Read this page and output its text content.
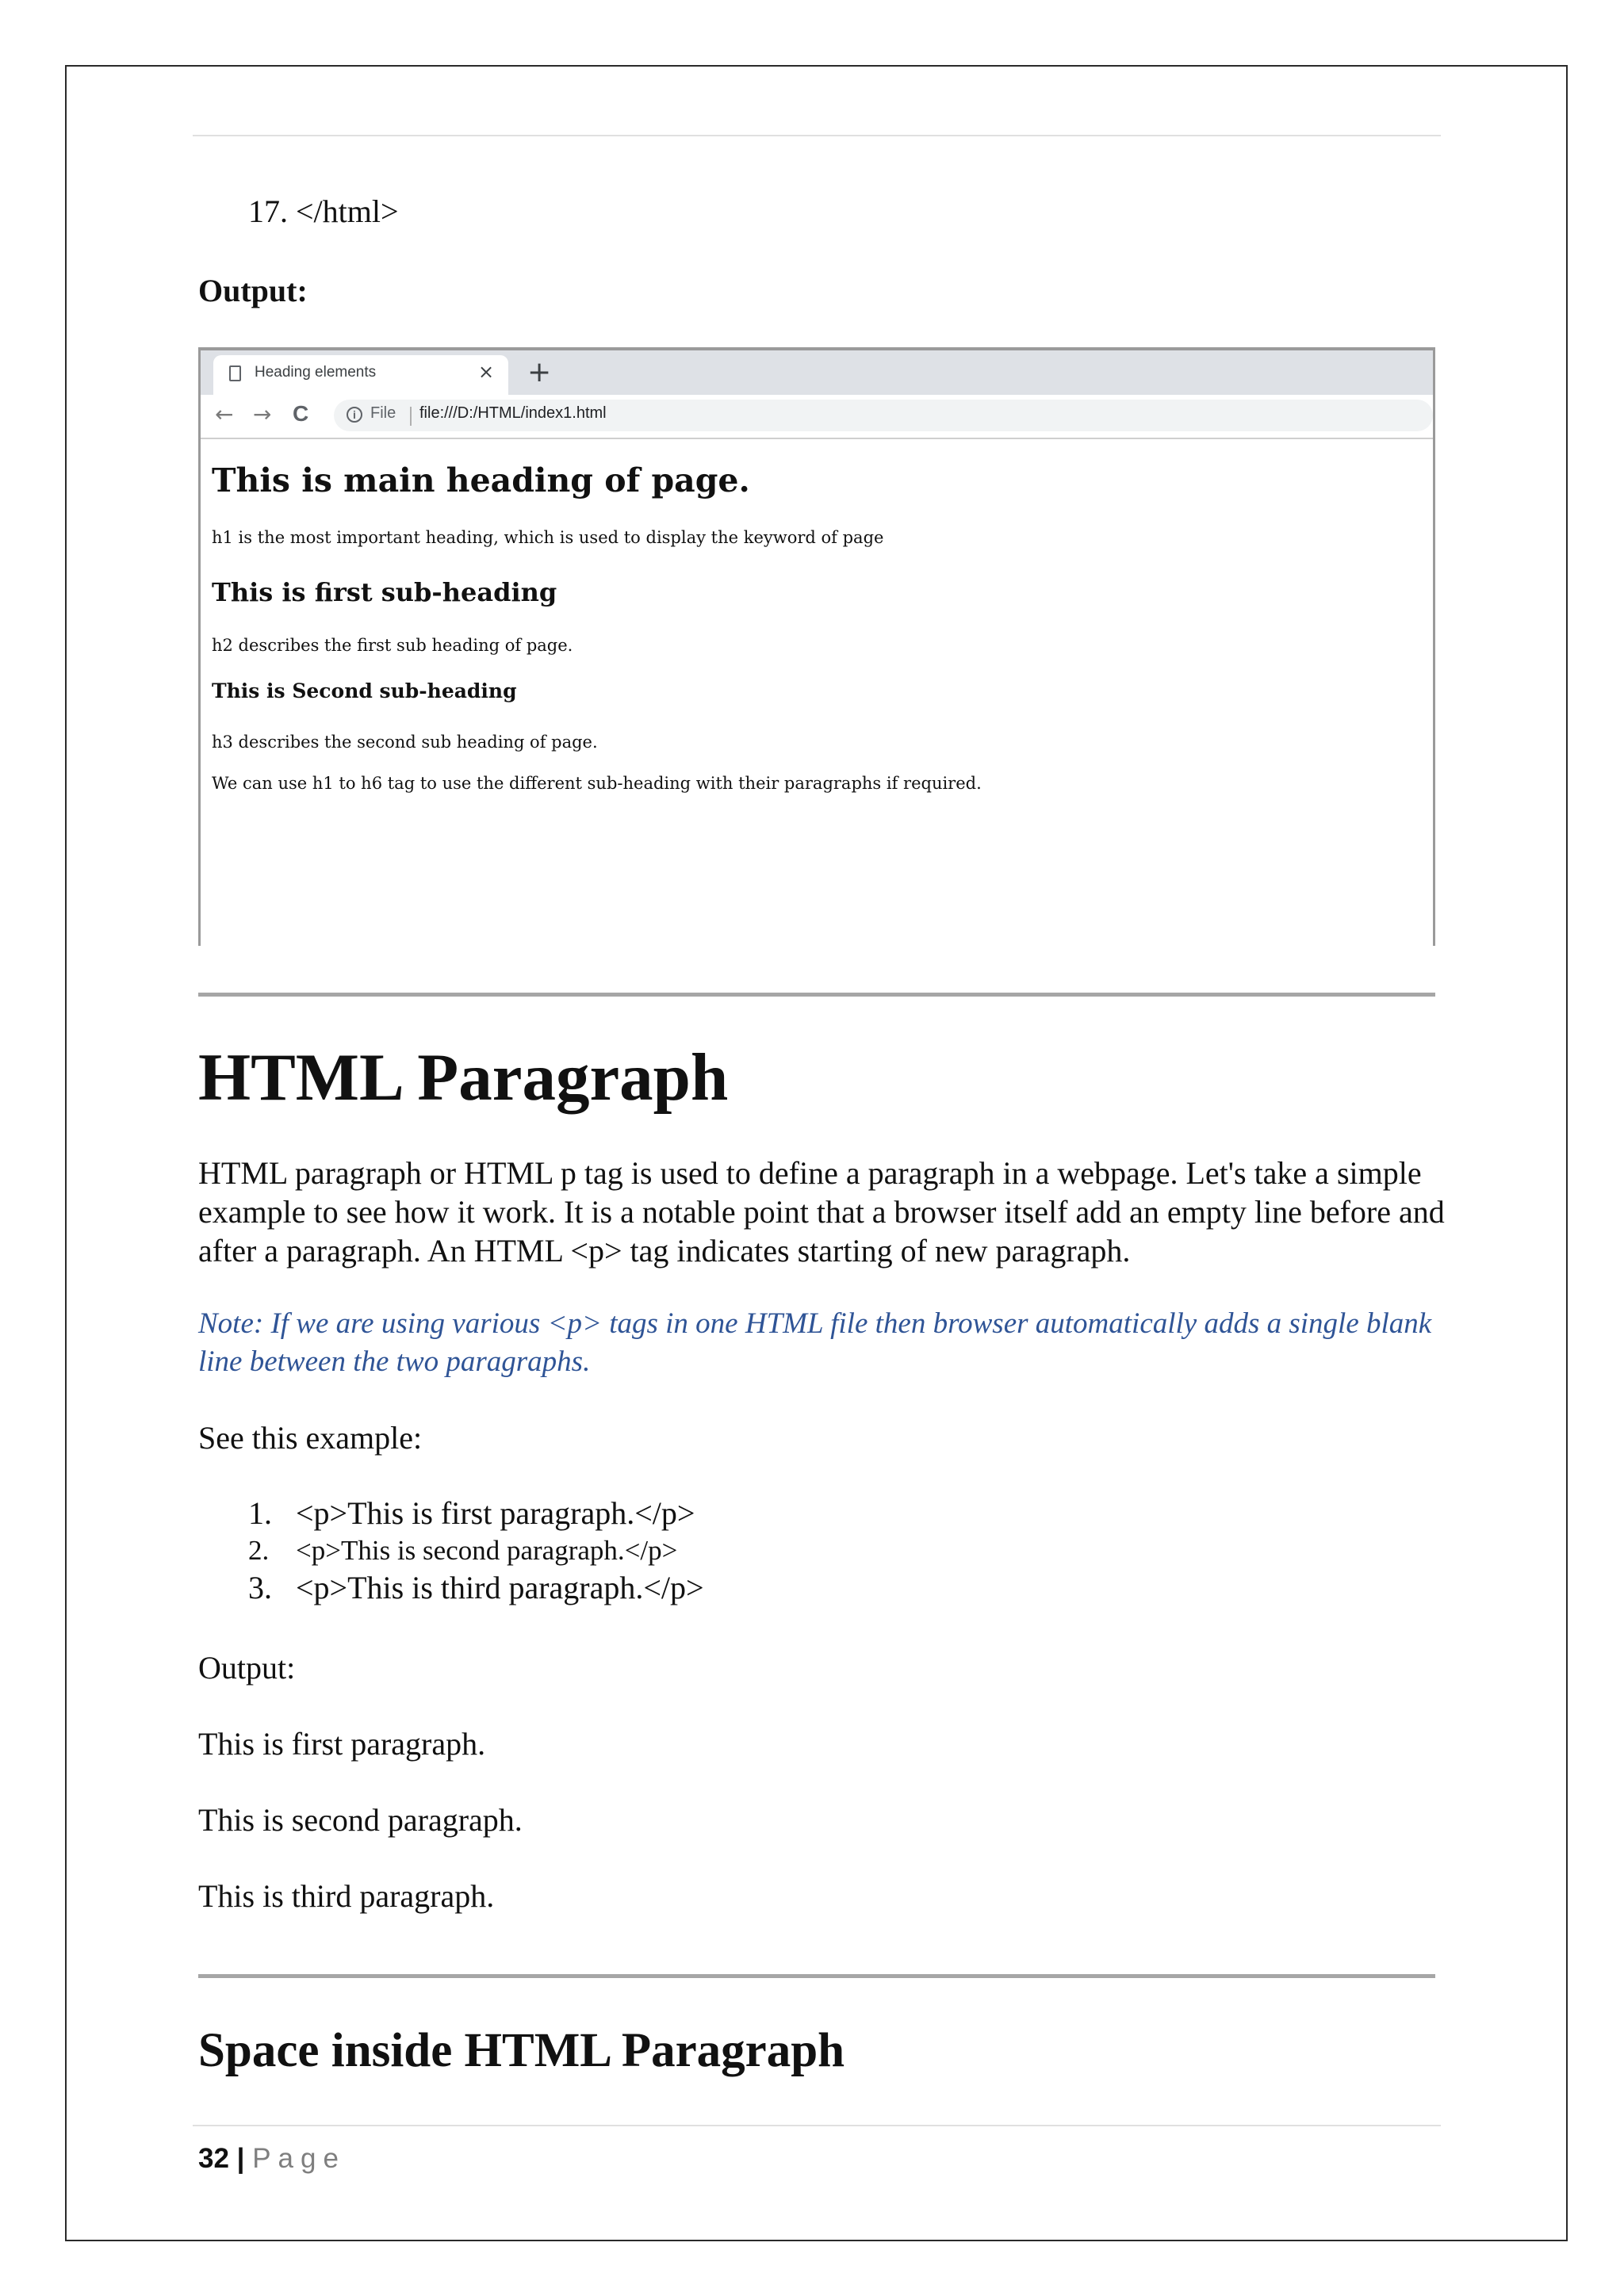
17. </html>
Output:
Heading elements	× +
← → C	i File file:///D:/HTML/index1.html
This is main heading of page.
h1 is the most important heading, which is used to display the keyword of page
This is first sub-heading
h2 describes the first sub heading of page.
This is Second sub-heading
h3 describes the second sub heading of page.
We can use h1 to h6 tag to use the different sub-heading with their paragraphs if required.
HTML Paragraph
HTML paragraph or HTML p tag is used to define a paragraph in a webpage. Let's take a simple example to see how it work. It is a notable point that a browser itself add an empty line before and after a paragraph. An HTML <p> tag indicates starting of new paragraph.
Note: If we are using various <p> tags in one HTML file then browser automatically adds a single blank line between the two paragraphs.
See this example:
1. <p>This is first paragraph.</p>
2. <p>This is second paragraph.</p>
3. <p>This is third paragraph.</p>
Output:
This is first paragraph.
This is second paragraph.
This is third paragraph.
Space inside HTML Paragraph
32 | Page
